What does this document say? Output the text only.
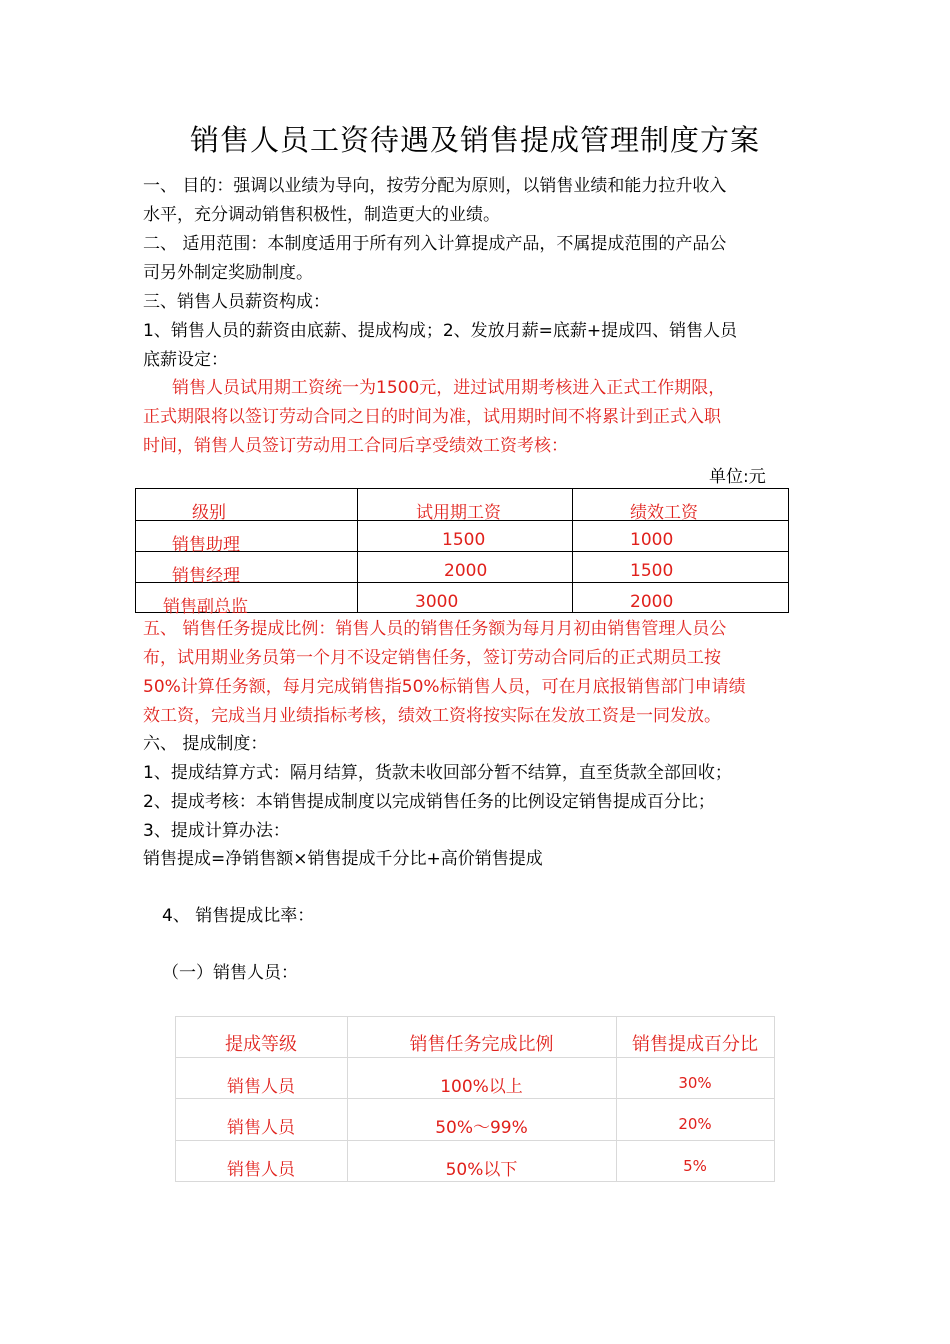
销售人员工资待遇及销售提成管理制度方案
一、 目的：强调以业绩为导向，按劳分配为原则，以销售业绩和能力拉升收入
水平，充分调动销售积极性，制造更大的业绩。
二、 适用范围：本制度适用于所有列入计算提成产品，不属提成范围的产品公
司另外制定奖励制度。
三、销售人员薪资构成：
1、销售人员的薪资由底薪、提成构成；2、发放月薪=底薪+提成四、销售人员
底薪设定：
销售人员试用期工资统一为1500元，进过试用期考核进入正式工作期限，
正式期限将以签订劳动合同之日的时间为准，试用期时间不将累计到正式入职
时间，销售人员签订劳动用工合同后享受绩效工资考核：
单位:元
级别	试用期工资	绩效工资
销售助理	1500	1000
销售经理	2000	1500
销售副总监	3000	2000
五、 销售任务提成比例：销售人员的销售任务额为每月月初由销售管理人员公
布，试用期业务员第一个月不设定销售任务，签订劳动合同后的正式期员工按
50%计算任务额，每月完成销售指50%标销售人员，可在月底报销售部门申请绩
效工资，完成当月业绩指标考核，绩效工资将按实际在发放工资是一同发放。
六、 提成制度：
1、提成结算方式：隔月结算，货款未收回部分暂不结算，直至货款全部回收；
2、提成考核：本销售提成制度以完成销售任务的比例设定销售提成百分比；
3、提成计算办法：
销售提成=净销售额×销售提成千分比+高价销售提成
4、 销售提成比率：
（一）销售人员：
提成等级	销售任务完成比例	销售提成百分比
销售人员	100%以上	30%
销售人员	50%～99%	20%
销售人员	50%以下	5%
